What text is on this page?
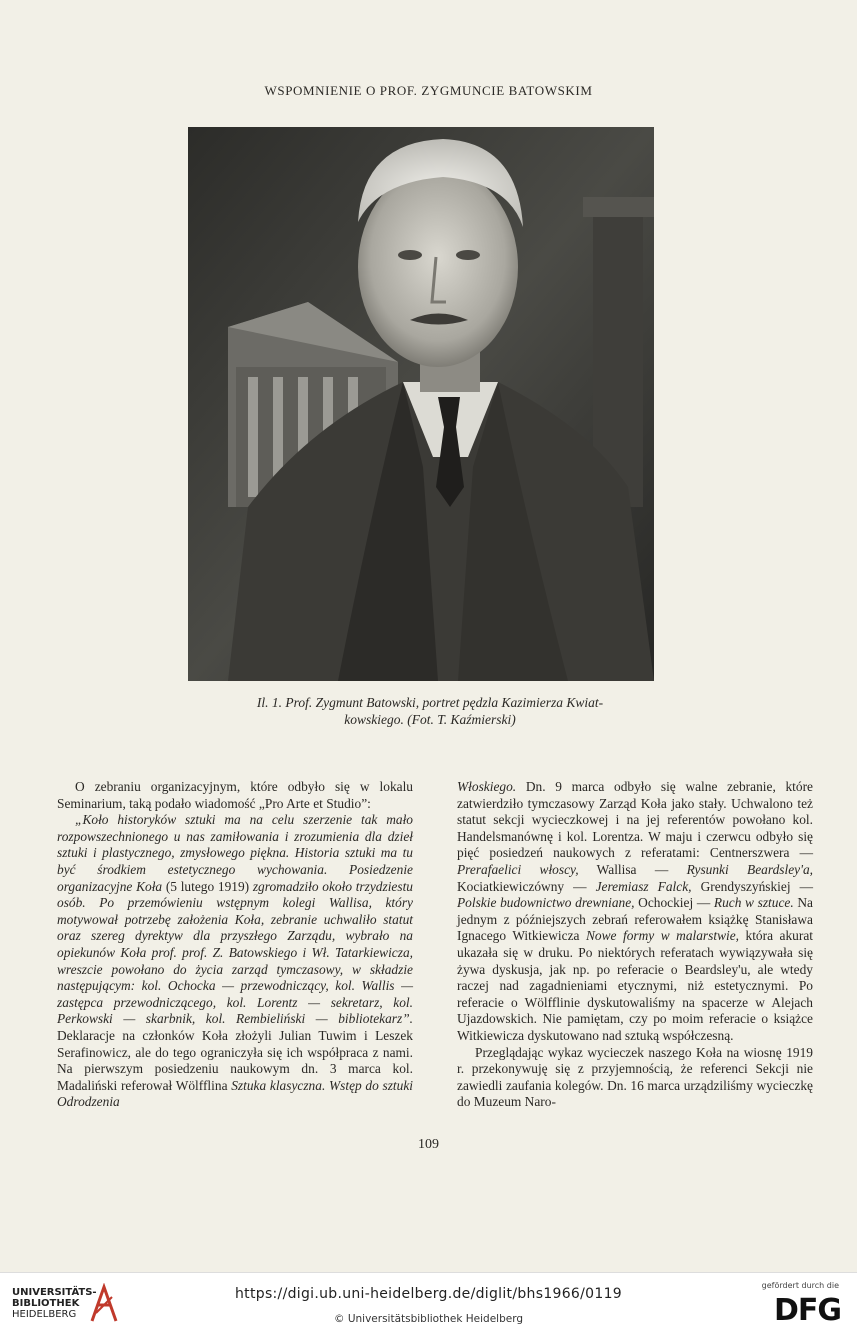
WSPOMNIENIE O PROF. ZYGMUNCIE BATOWSKIM
Il. 1. Prof. Zygmunt Batowski, portret pędzla Kazimierza Kwiat-
kowskiego. (Fot. T. Kaźmierski)

O zebraniu organizacyjnym, które odbyło się w lokalu Seminarium, taką podało wiadomość „Pro Arte et Studio”:

„Koło historyków sztuki ma na celu szerzenie tak mało rozpowszechnionego u nas zamiłowania i zrozumienia dla dzieł sztuki i plastycznego, zmysłowego piękna. Historia sztuki ma tu być środkiem estetycznego wychowania. Posiedzenie organizacyjne Koła (5 lutego 1919) zgromadziło około trzydziestu osób. Po przemówieniu wstępnym kolegi Wallisa, który motywował potrzebę założenia Koła, zebranie uchwaliło statut oraz szereg dyrektyw dla przyszłego Zarządu, wybrało na opiekunów Koła prof. prof. Z. Batowskiego i Wł. Tatarkiewicza, wreszcie powołano do życia zarząd tymczasowy, w składzie następującym: kol. Ochocka — przewodniczący, kol. Wallis — zastępca przewodniczącego, kol. Lorentz — sekretarz, kol. Perkowski — skarbnik, kol. Rembieliński — bibliotekarz”. Deklaracje na członków Koła złożyli Julian Tuwim i Leszek Serafinowicz, ale do tego ograniczyła się ich współpraca z nami. Na pierwszym posiedzeniu naukowym dn. 3 marca kol. Madaliński referował Wölfflina Sztuka klasyczna. Wstęp do sztuki Odrodzenia

Włoskiego. Dn. 9 marca odbyło się walne zebranie, które zatwierdziło tymczasowy Zarząd Koła jako stały. Uchwalono też statut sekcji wycieczkowej i na jej referentów powołano kol. Handelsmanównę i kol. Lorentza. W maju i czerwcu odbyło się pięć posiedzeń naukowych z referatami: Centnerszwera — Prerafaelici włoscy, Wallisa — Rysunki Beardsley'a, Kociatkiewiczówny — Jeremiasz Falck, Grendyszyńskiej — Polskie budownictwo drewniane, Ochockiej — Ruch w sztuce. Na jednym z późniejszych zebrań referowałem książkę Stanisława Ignacego Witkiewicza Nowe formy w malarstwie, która akurat ukazała się w druku. Po niektórych referatach wywiązywała się żywa dyskusja, jak np. po referacie o Beardsley'u, ale wtedy raczej nad zagadnieniami etycznymi, niż estetycznymi. Po referacie o Wölfflinie dyskutowaliśmy na spacerze w Alejach Ujazdowskich. Nie pamiętam, czy po moim referacie o książce Witkiewicza dyskutowano nad sztuką współczesną.

Przeglądając wykaz wycieczek naszego Koła na wiosnę 1919 r. przekonywuję się z przyjemnością, że referenci Sekcji nie zawiedli zaufania kolegów. Dn. 16 marca urządziliśmy wycieczkę do Muzeum Naro-

109
UNIVERSITÄTS-
BIBLIOTHEK
HEIDELBERG
https://digi.ub.uni-heidelberg.de/diglit/bhs1966/0119
© Universitätsbibliothek Heidelberg
gefördert durch die
DFG
